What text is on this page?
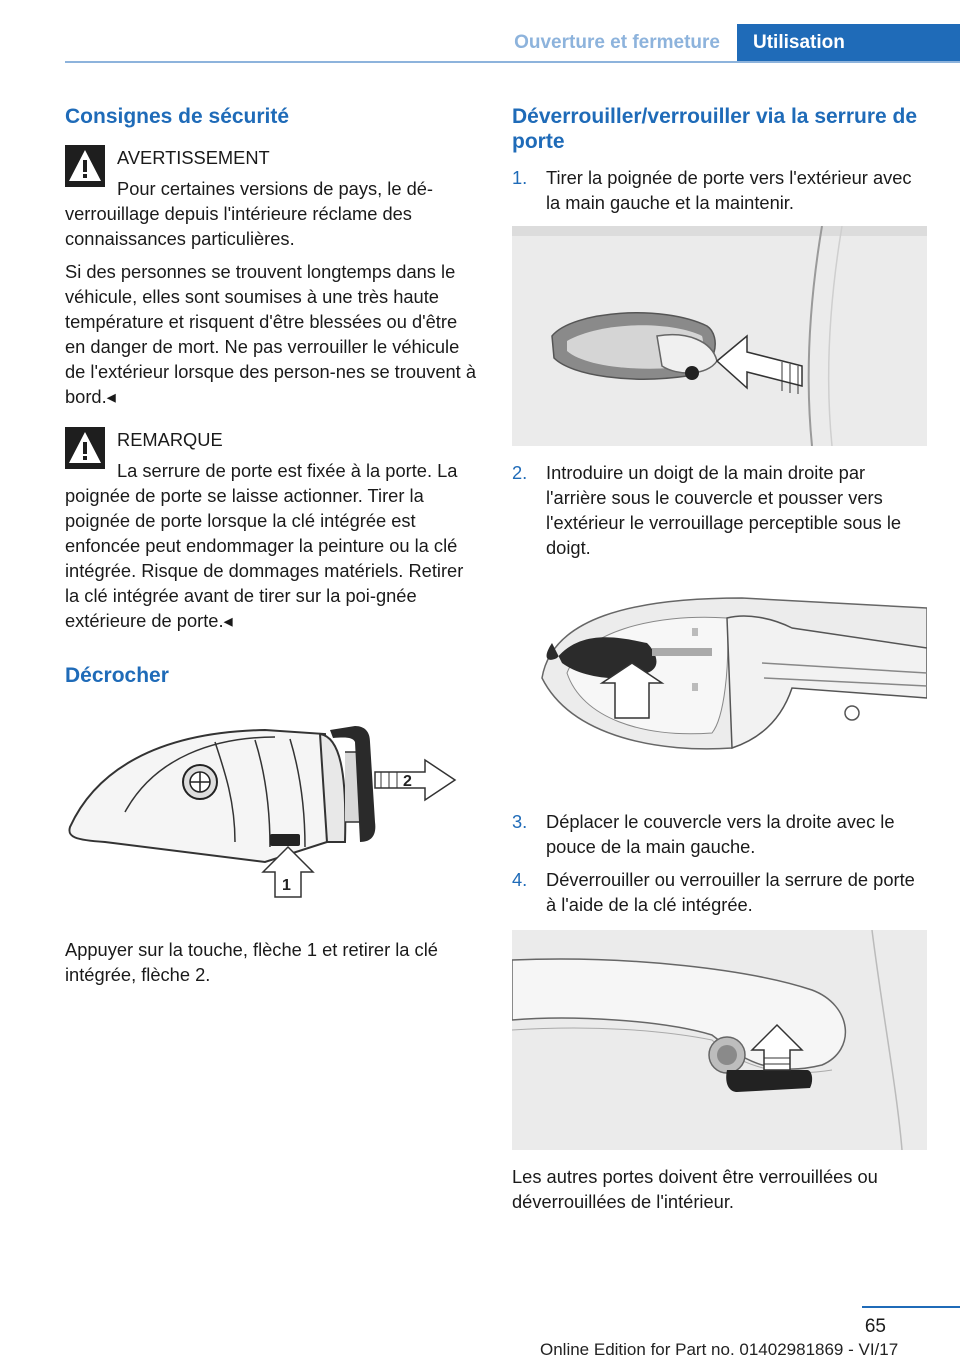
Ouverture et fermeture	Utilisation
Consignes de sécurité

AVERTISSEMENT

Pour certaines versions de pays, le dé‐

verrouillage depuis l'intérieure réclame des connaissances particulières.

Si des personnes se trouvent longtemps dans le véhicule, elles sont soumises à une très haute température et risquent d'être blessées ou d'être en danger de mort. Ne pas verrouiller le véhicule de l'extérieur lorsque des person‐nes se trouvent à bord.◂

REMARQUE

La serrure de porte est fixée à la porte. La

poignée de porte se laisse actionner. Tirer la poignée de porte lorsque la clé intégrée est enfoncée peut endommager la peinture ou la clé intégrée. Risque de dommages matériels. Retirer la clé intégrée avant de tirer sur la poi‐gnée extérieure de porte.◂

Décrocher
2
1

Appuyer sur la touche, flèche 1 et retirer la clé intégrée, flèche 2.

Déverrouiller/verrouiller via la serrure de porte
1. Tirer la poignée de porte vers l'extérieur avec la main gauche et la maintenir.
2. Introduire un doigt de la main droite par l'arrière sous le couvercle et pousser vers l'extérieur le verrouillage perceptible sous le doigt.
3. Déplacer le couvercle vers la droite avec le pouce de la main gauche.
4. Déverrouiller ou verrouiller la serrure de porte à l'aide de la clé intégrée.

Les autres portes doivent être verrouillées ou déverrouillées de l'intérieur.

65
Online Edition for Part no. 01402981869 - VI/17
